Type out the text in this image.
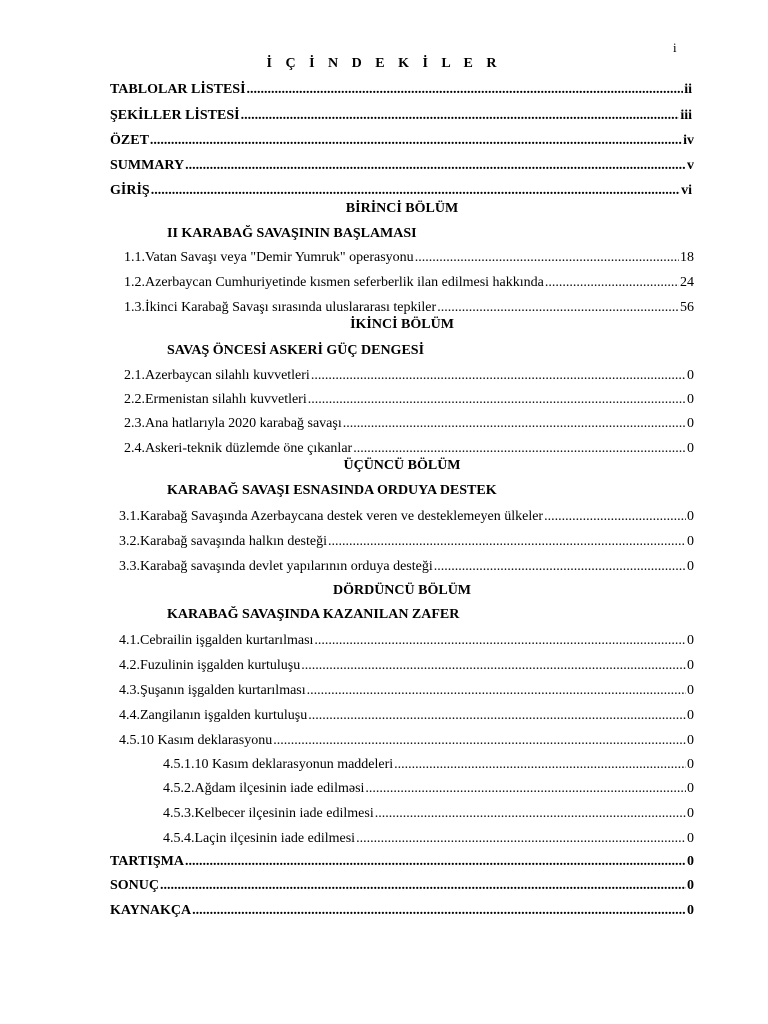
i
İ Ç İ N D E K İ L E R
TABLOLAR LİSTESİ .....	ii
ŞEKİLLER LİSTESİ .....	iii
ÖZET .....	iv
SUMMARY .....	v
GİRİŞ .....	vi
BİRİNCİ BÖLÜM
II KARABAĞ SAVAŞININ BAŞLAMASI
1.1. Vatan Savaşı veya "Demir Yumruk" operasyonu .....	18
1.2. Azerbaycan Cumhuriyetinde kısmen seferberlik ilan edilmesi hakkında .....	24
1.3. İkinci Karabağ Savaşı sırasında uluslararası tepkiler .....	56
İKİNCİ BÖLÜM
SAVAŞ ÖNCESİ ASKERİ GÜÇ DENGESİ
2.1. Azerbaycan silahlı kuvvetleri .....	0
2.2. Ermenistan silahlı kuvvetleri .....	0
2.3. Ana hatlarıyla 2020 karabağ savaşı .....	0
2.4. Askeri-teknik düzlemde öne çıkanlar .....	0
ÜÇÜNCÜ BÖLÜM
KARABAĞ SAVAŞI ESNASINDA ORDUYA DESTEK
3.1. Karabağ Savaşında Azerbaycana destek veren ve desteklemeyen ülkeler .....	0
3.2. Karabağ savaşında halkın desteği .....	0
3.3. Karabağ savaşında devlet yapılarının orduya desteği .....	0
DÖRDÜNCÜ BÖLÜM
KARABAĞ SAVAŞINDA KAZANILAN ZAFER
4.1. Cebrailin işgalden kurtarılması .....	0
4.2. Fuzulinin işgalden kurtuluşu .....	0
4.3. Şuşanın işgalden kurtarılması .....	0
4.4. Zangilanın işgalden kurtuluşu .....	0
4.5. 10 Kasım deklarasyonu .....	0
4.5.1. 10 Kasım deklarasyonun maddeleri .....	0
4.5.2. Ağdam ilçesinin iade edilməsi .....	0
4.5.3. Kelbecer ilçesinin iade edilmesi .....	0
4.5.4. Laçin ilçesinin iade edilmesi .....	0
TARTIŞMA .....	0
SONUÇ .....	0
KAYNAKÇA .....	0
